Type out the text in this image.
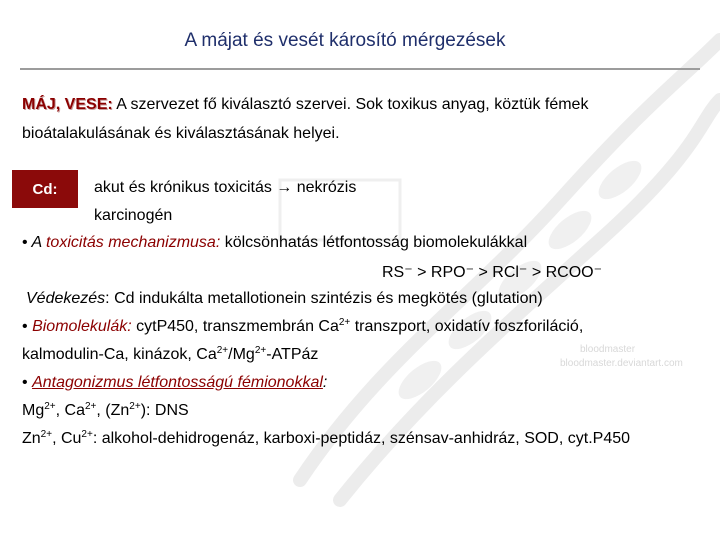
bloodmaster
bloodmaster.deviantart.com
A májat és vesét károsító mérgezések
MÁJ, VESE: A szervezet fő kiválasztó szervei. Sok toxikus anyag, köztük fémek
bioátalakulásának és kiválasztásának helyei.
Cd: akut és krónikus toxicitás → nekrózis
karcinogén
• A toxicitás mechanizmusa: kölcsönhatás létfontosság biomolekulákkal
RS⁻ > RPO⁻ > RCl⁻ > RCOO⁻
Védekezés: Cd indukálta metallotionein szintézis és megkötés (glutation)
• Biomolekulák: cytP450, transzmembrán $Ca^{2+}$ transzport, oxidatív foszforiláció,
kalmodulin-Ca, kinázok, $Ca^{2+}/Mg^{2+}$-ATPáz
• Antagonizmus létfontosságú fémionokkal:
$Mg^{2+}$, $Ca^{2+}$, $(Zn^{2+})$: DNS
$Zn^{2+}$, $Cu^{2+}$: alkohol-dehidrogenáz, karboxi-peptidáz, szénsav-anhidráz, SOD, cyt.P450
